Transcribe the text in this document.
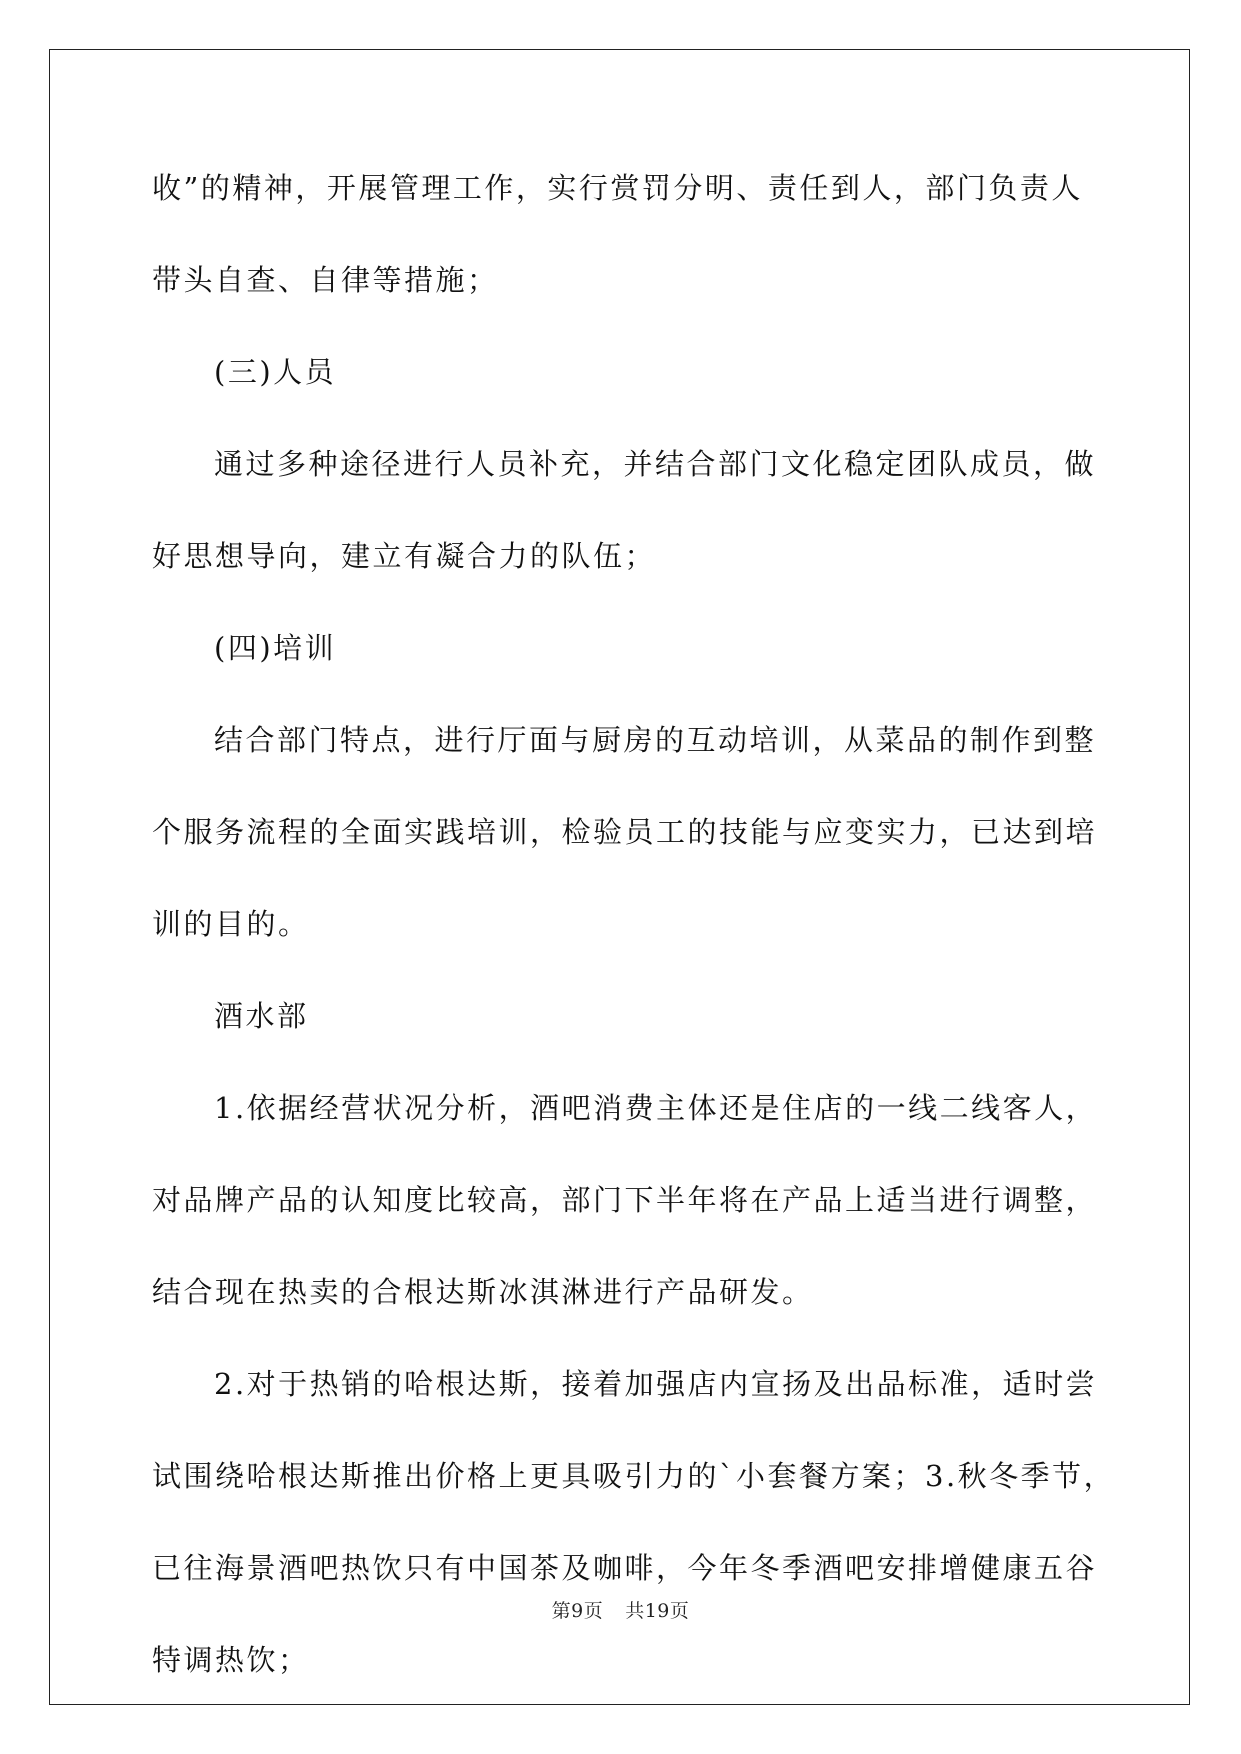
收”的精神，开展管理工作，实行赏罚分明、责任到人，部门负责人
带头自查、自律等措施；
(三)人员
通过多种途径进行人员补充，并结合部门文化稳定团队成员，做
好思想导向，建立有凝合力的队伍；
(四)培训
结合部门特点，进行厅面与厨房的互动培训，从菜品的制作到整
个服务流程的全面实践培训，检验员工的技能与应变实力，已达到培
训的目的。
酒水部
1.依据经营状况分析，酒吧消费主体还是住店的一线二线客人，
对品牌产品的认知度比较高，部门下半年将在产品上适当进行调整，
结合现在热卖的合根达斯冰淇淋进行产品研发。
2.对于热销的哈根达斯，接着加强店内宣扬及出品标准，适时尝
试围绕哈根达斯推出价格上更具吸引力的`小套餐方案；3.秋冬季节，
已往海景酒吧热饮只有中国茶及咖啡，今年冬季酒吧安排增健康五谷
特调热饮；
第9页 共19页
